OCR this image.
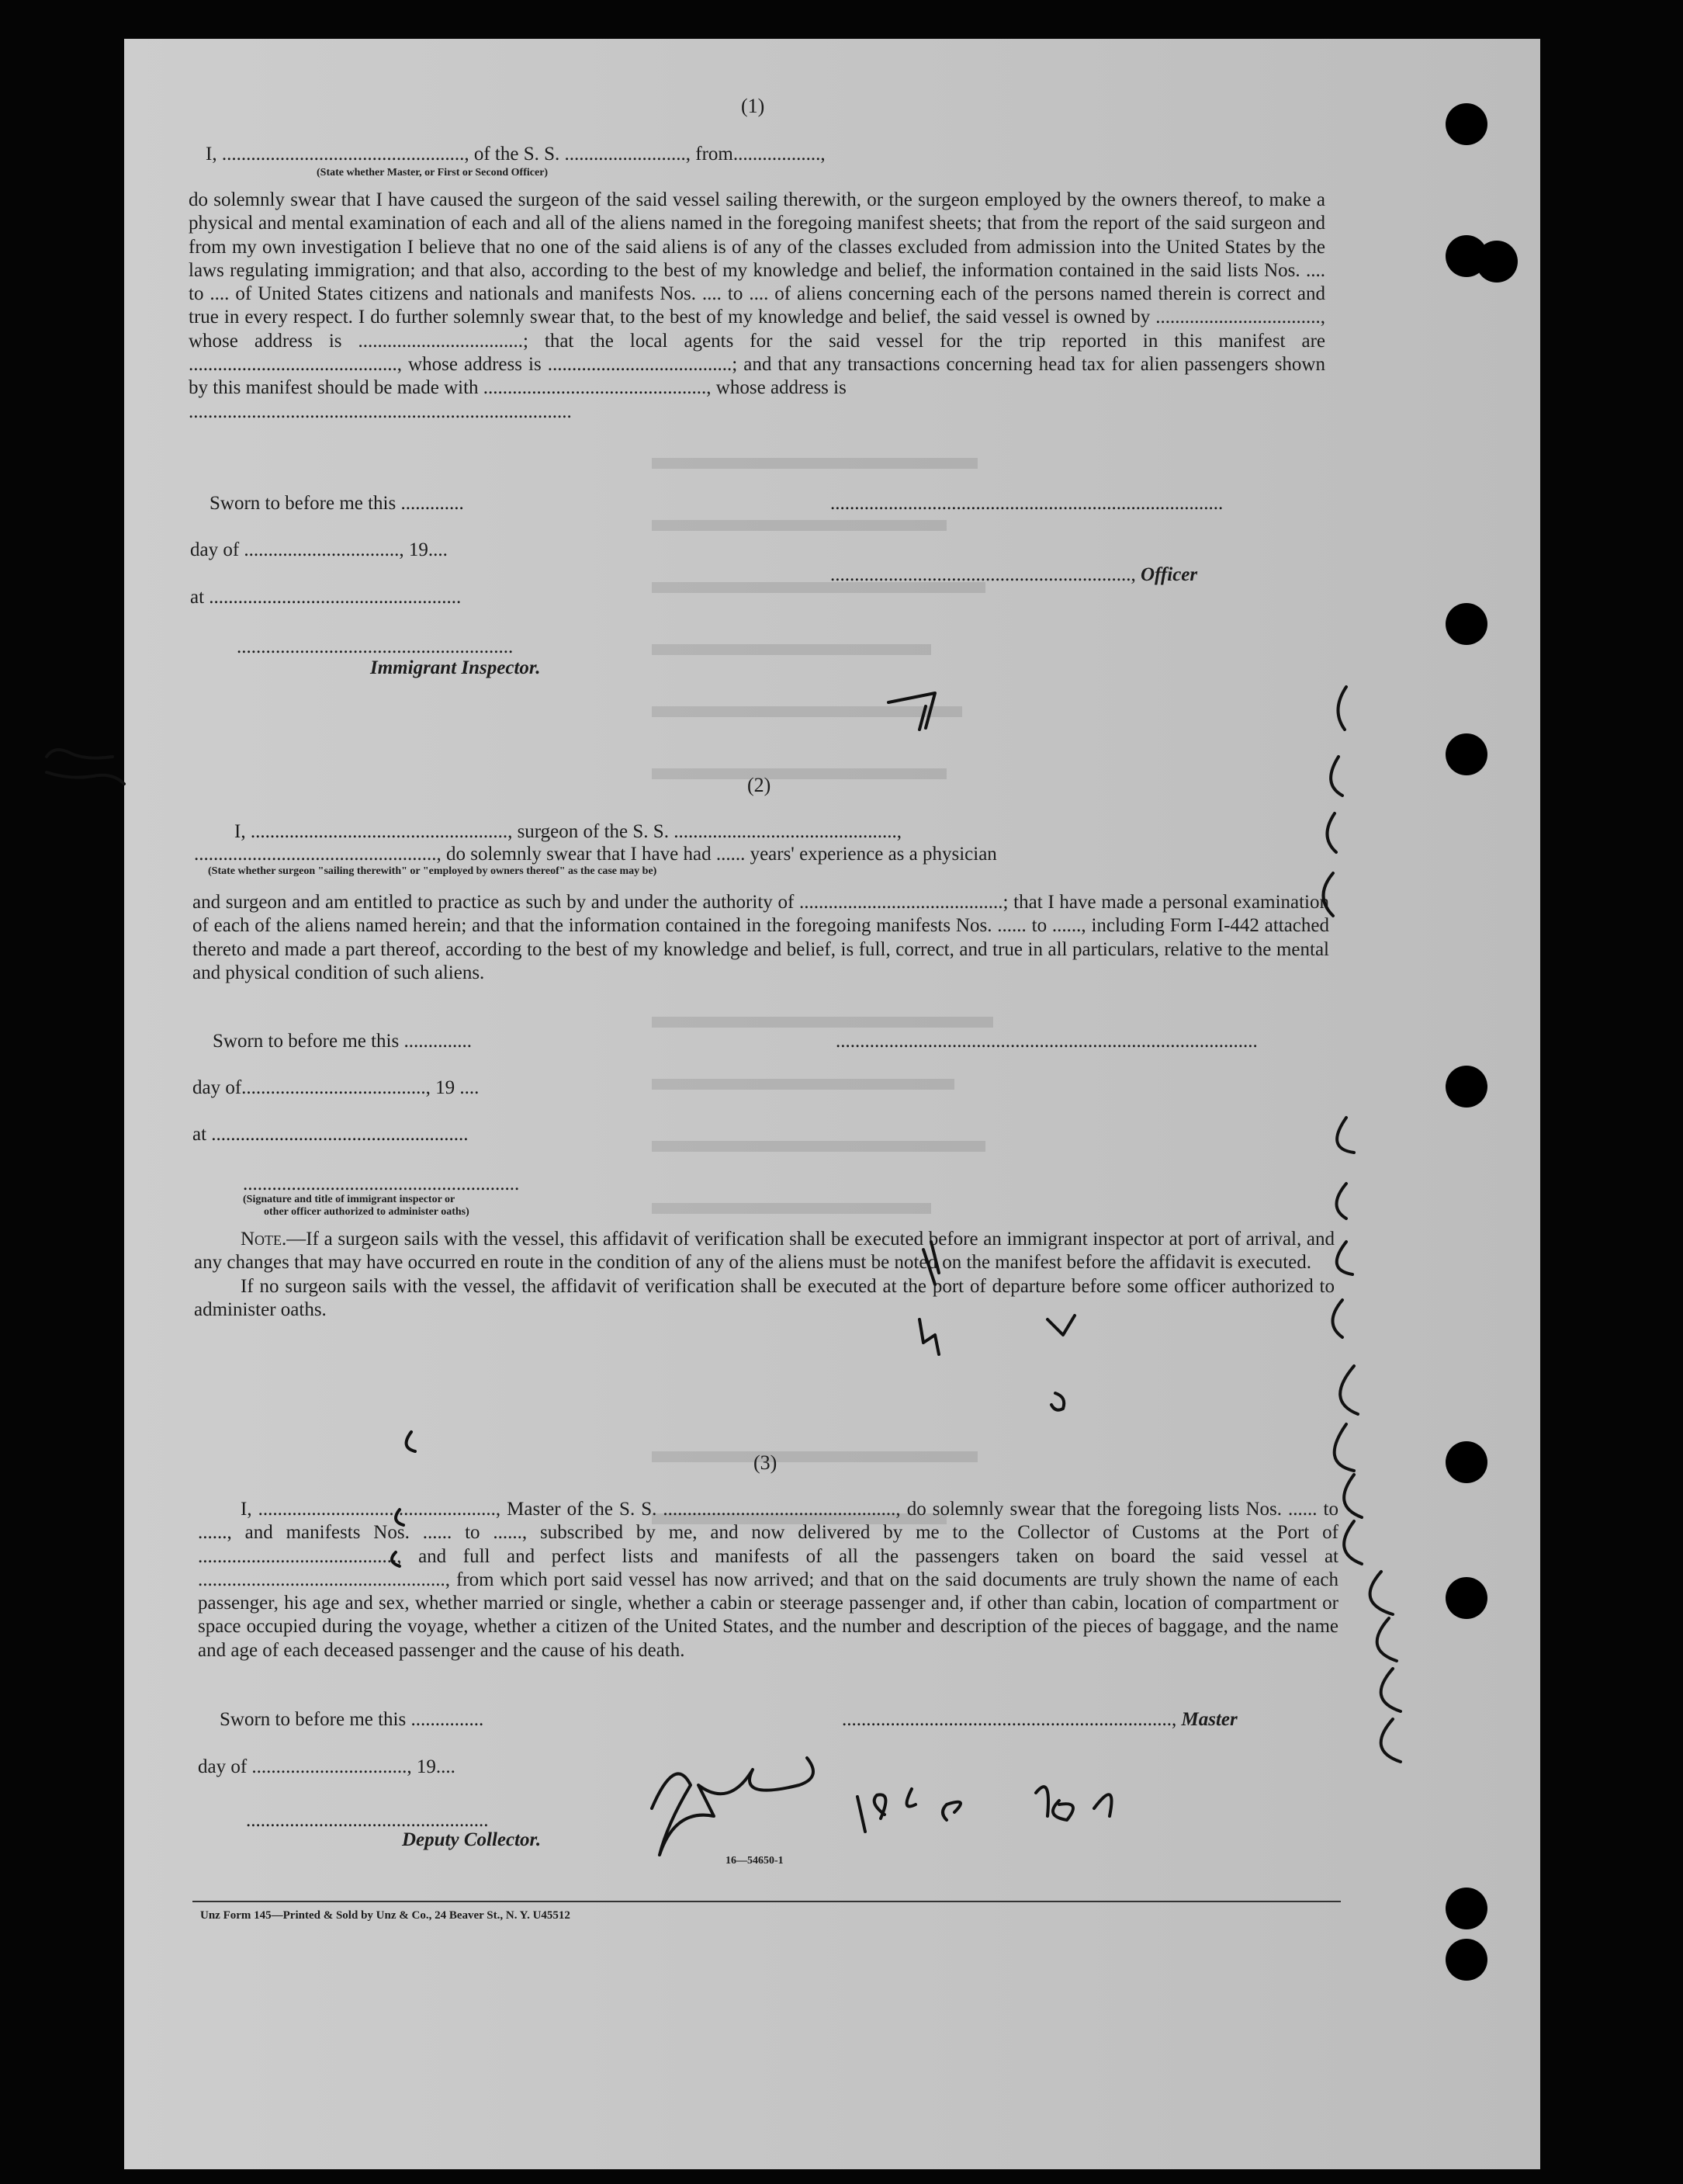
(1)
I, .................................................., of the S. S. ........................., from..................,
(State whether Master, or First or Second Officer)

do solemnly swear that I have caused the surgeon of the said vessel sailing therewith, or the surgeon employed by the owners thereof, to make a physical and mental examination of each and all of the aliens named in the foregoing manifest sheets; that from the report of the said surgeon and from my own investigation I believe that no one of the said aliens is of any of the classes excluded from admission into the United States by the laws regulating immigration; and that also, according to the best of my knowledge and belief, the information contained in the said lists Nos. .... to .... of United States citizens and nationals and manifests Nos. .... to .... of aliens concerning each of the persons named therein is correct and true in every respect. I do further solemnly swear that, to the best of my knowledge and belief, the said vessel is owned by .................................., whose address is ..................................; that the local agents for the said vessel for the trip reported in this manifest are ..........................................., whose address is ......................................; and that any transactions concerning head tax for alien passengers shown by this manifest should be made with .............................................., whose address is

...............................................................................

Sworn to before me this .............	.................................................................................
day of ................................, 19....
.............................................................., Officer
at ....................................................
.........................................................
Immigrant Inspector.
(2)
I, ....................................................., surgeon of the S. S. ..............................................,
.................................................., do solemnly swear that I have had ...... years' experience as a physician
(State whether surgeon "sailing therewith" or "employed by owners thereof" as the case may be)

and surgeon and am entitled to practice as such by and under the authority of ..........................................; that I have made a personal examination of each of the aliens named herein; and that the information contained in the foregoing manifests Nos. ...... to ......, including Form I-442 attached thereto and made a part thereof, according to the best of my knowledge and belief, is full, correct, and true in all particulars, relative to the mental and physical condition of such aliens.

Sworn to before me this ..............	.......................................................................................
day of......................................, 19 ....
at .....................................................
.........................................................
(Signature and title of immigrant inspector or
other officer authorized to administer oaths)

Note.—If a surgeon sails with the vessel, this affidavit of verification shall be executed before an immigrant inspector at port of arrival, and any changes that may have occurred en route in the condition of any of the aliens must be noted on the manifest before the affidavit is executed.

If no surgeon sails with the vessel, the affidavit of verification shall be executed at the port of departure before some officer authorized to administer oaths.

(3)

I, ................................................., Master of the S. S. ................................................, do solemnly swear that the foregoing lists Nos. ...... to ......, and manifests Nos. ...... to ......, subscribed by me, and now delivered by me to the Collector of Customs at the Port of ........................................., and full and perfect lists and manifests of all the passengers taken on board the said vessel at ..................................................., from which port said vessel has now arrived; and that on the said documents are truly shown the name of each passenger, his age and sex, whether married or single, whether a cabin or steerage passenger and, if other than cabin, location of compartment or space occupied during the voyage, whether a citizen of the United States, and the number and description of the pieces of baggage, and the name and age of each deceased passenger and the cause of his death.

Sworn to before me this ...............	...................................................................., Master
day of ................................, 19....
..................................................
Deputy Collector.
16—54650-1
Unz Form 145—Printed & Sold by Unz & Co., 24 Beaver St., N. Y. U45512
